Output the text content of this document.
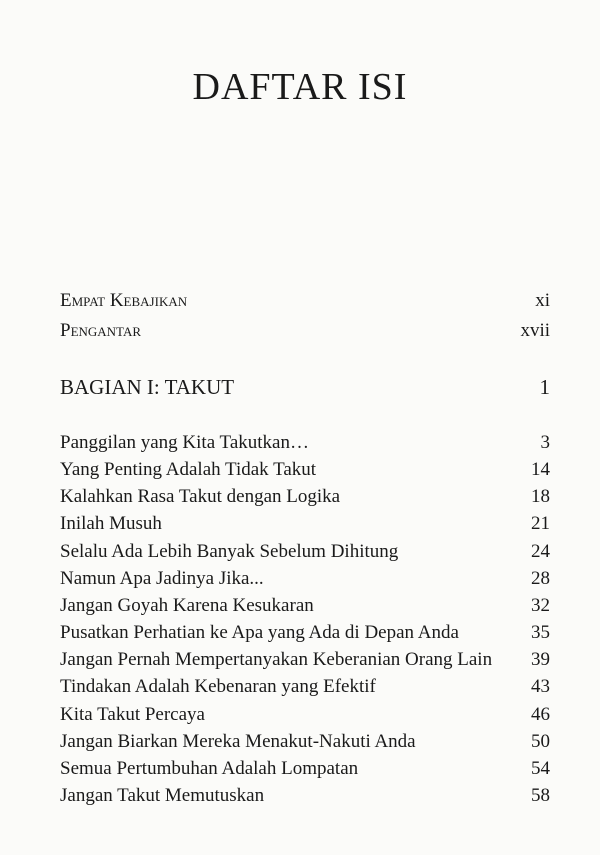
DAFTAR ISI
Empat Kebajikan	xi
Pengantar	xvii
BAGIAN I: TAKUT	1
Panggilan yang Kita Takutkan…	3
Yang Penting Adalah Tidak Takut	14
Kalahkan Rasa Takut dengan Logika	18
Inilah Musuh	21
Selalu Ada Lebih Banyak Sebelum Dihitung	24
Namun Apa Jadinya Jika...	28
Jangan Goyah Karena Kesukaran	32
Pusatkan Perhatian ke Apa yang Ada di Depan Anda	35
Jangan Pernah Mempertanyakan Keberanian Orang Lain 39
Tindakan Adalah Kebenaran yang Efektif	43
Kita Takut Percaya	46
Jangan Biarkan Mereka Menakut-Nakuti Anda	50
Semua Pertumbuhan Adalah Lompatan	54
Jangan Takut Memutuskan	58
